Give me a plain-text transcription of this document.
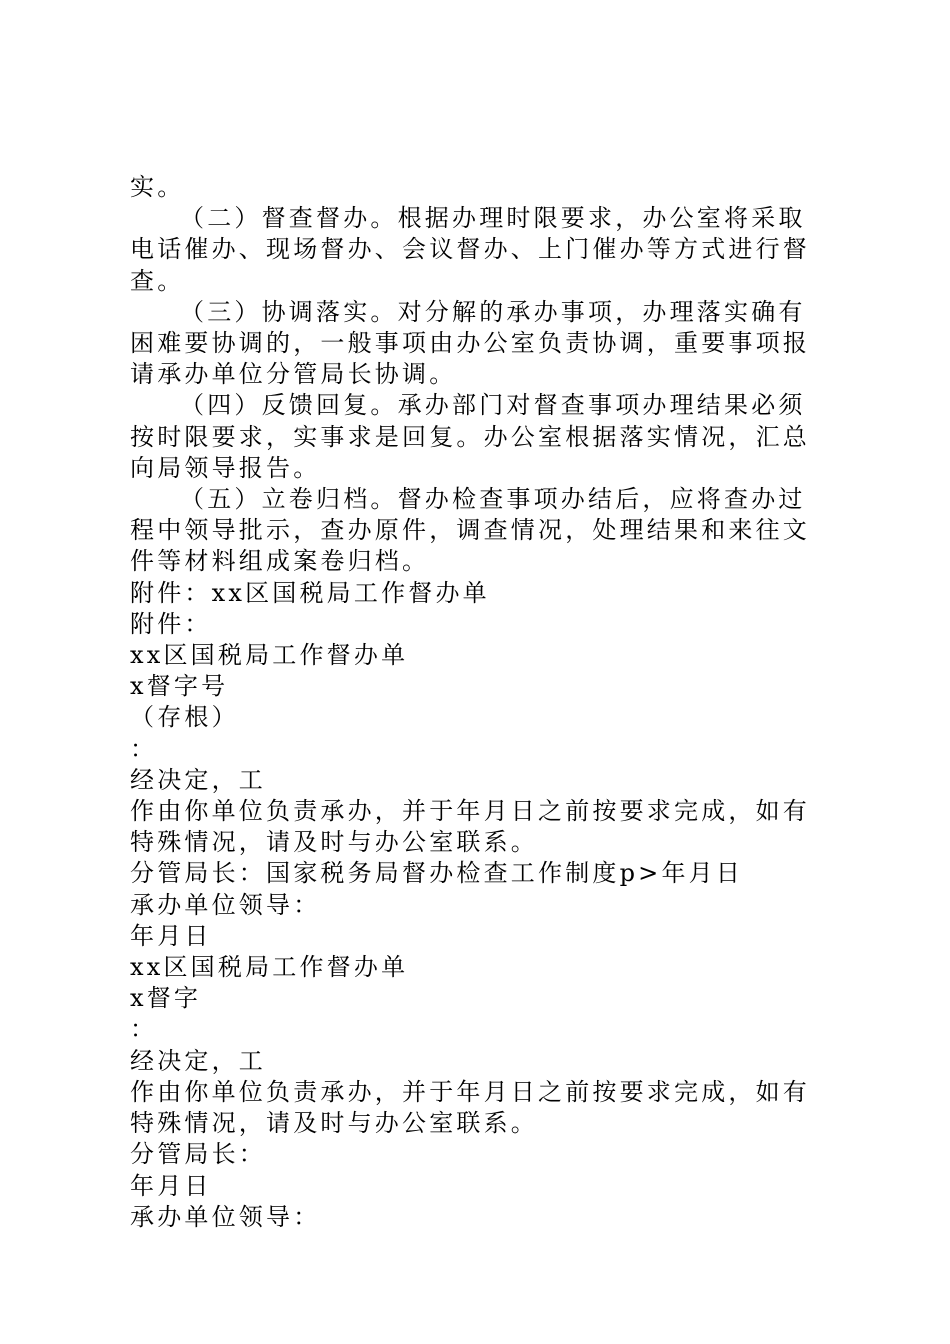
实。

（二）督查督办。根据办理时限要求，办公室将采取电话催办、现场督办、会议督办、上门催办等方式进行督查。

（三）协调落实。对分解的承办事项，办理落实确有困难要协调的，一般事项由办公室负责协调，重要事项报请承办单位分管局长协调。

（四）反馈回复。承办部门对督查事项办理结果必须按时限要求，实事求是回复。办公室根据落实情况，汇总向局领导报告。

（五）立卷归档。督办检查事项办结后，应将查办过程中领导批示，查办原件，调查情况，处理结果和来往文件等材料组成案卷归档。

附件：xx区国税局工作督办单

附件：

xx区国税局工作督办单

x督字号

（存根）

：

经决定，工

作由你单位负责承办，并于年月日之前按要求完成，如有特殊情况，请及时与办公室联系。

分管局长：国家税务局督办检查工作制度p>年月日

承办单位领导：

年月日

xx区国税局工作督办单

x督字

：

经决定，工

作由你单位负责承办，并于年月日之前按要求完成，如有特殊情况，请及时与办公室联系。

分管局长：

年月日

承办单位领导：
